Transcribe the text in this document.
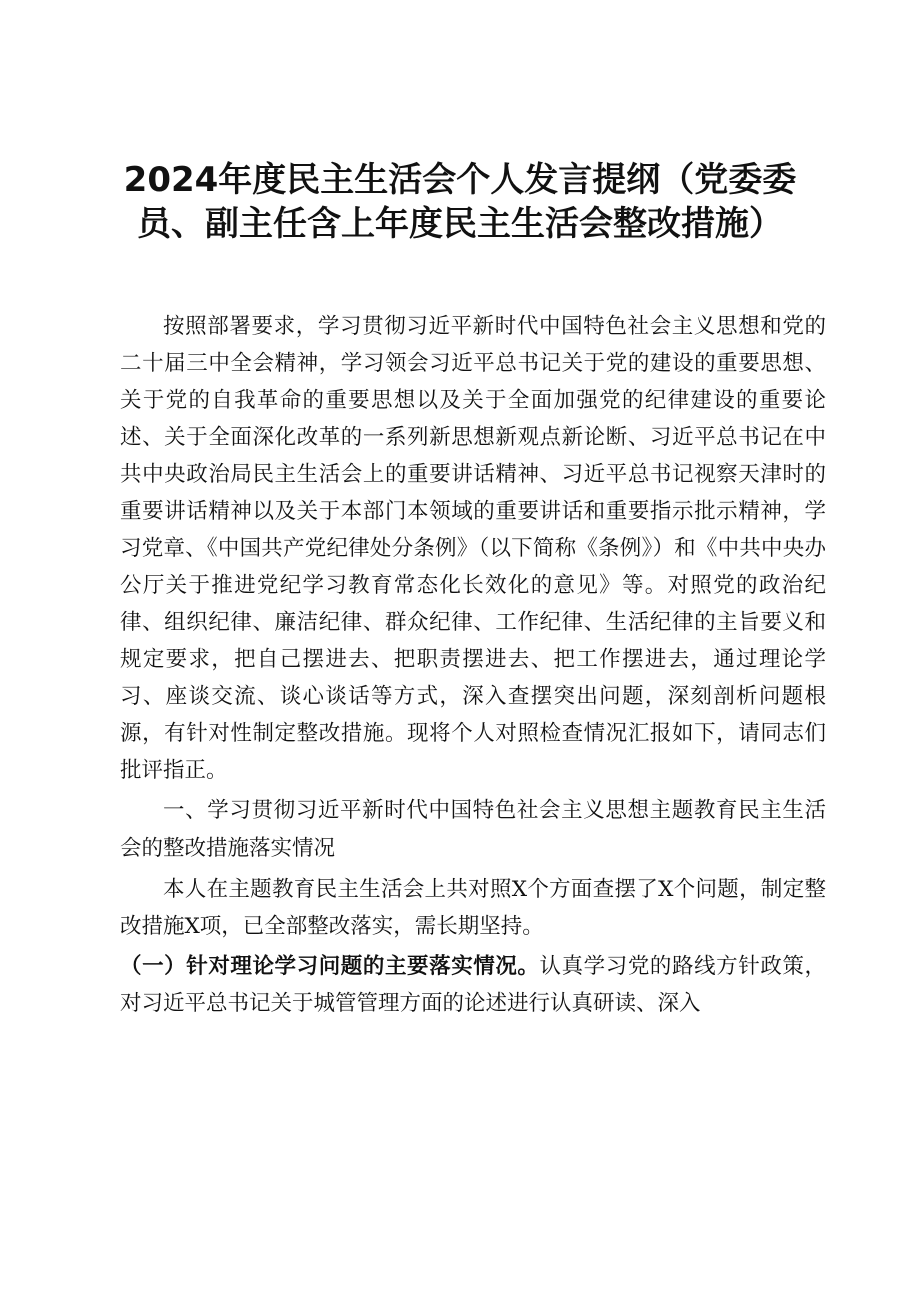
2024年度民主生活会个人发言提纲（党委委
员、副主任含上年度民主生活会整改措施）

按照部署要求，学习贯彻习近平新时代中国特色社会主义思想和党的二十届三中全会精神，学习领会习近平总书记关于党的建设的重要思想、关于党的自我革命的重要思想以及关于全面加强党的纪律建设的重要论述、关于全面深化改革的一系列新思想新观点新论断、习近平总书记在中共中央政治局民主生活会上的重要讲话精神、习近平总书记视察天津时的重要讲话精神以及关于本部门本领域的重要讲话和重要指示批示精神，学习党章、《中国共产党纪律处分条例》（以下简称《条例》）和《中共中央办公厅关于推进党纪学习教育常态化长效化的意见》等。对照党的政治纪律、组织纪律、廉洁纪律、群众纪律、工作纪律、生活纪律的主旨要义和规定要求，把自己摆进去、把职责摆进去、把工作摆进去，通过理论学习、座谈交流、谈心谈话等方式，深入查摆突出问题，深刻剖析问题根源，有针对性制定整改措施。现将个人对照检查情况汇报如下，请同志们批评指正。

一、学习贯彻习近平新时代中国特色社会主义思想主题教育民主生活会的整改措施落实情况

本人在主题教育民主生活会上共对照X个方面查摆了X个问题，制定整改措施X项，已全部整改落实，需长期坚持。

（一）针对理论学习问题的主要落实情况。认真学习党的路线方针政策，对习近平总书记关于城管管理方面的论述进行认真研读、深入
